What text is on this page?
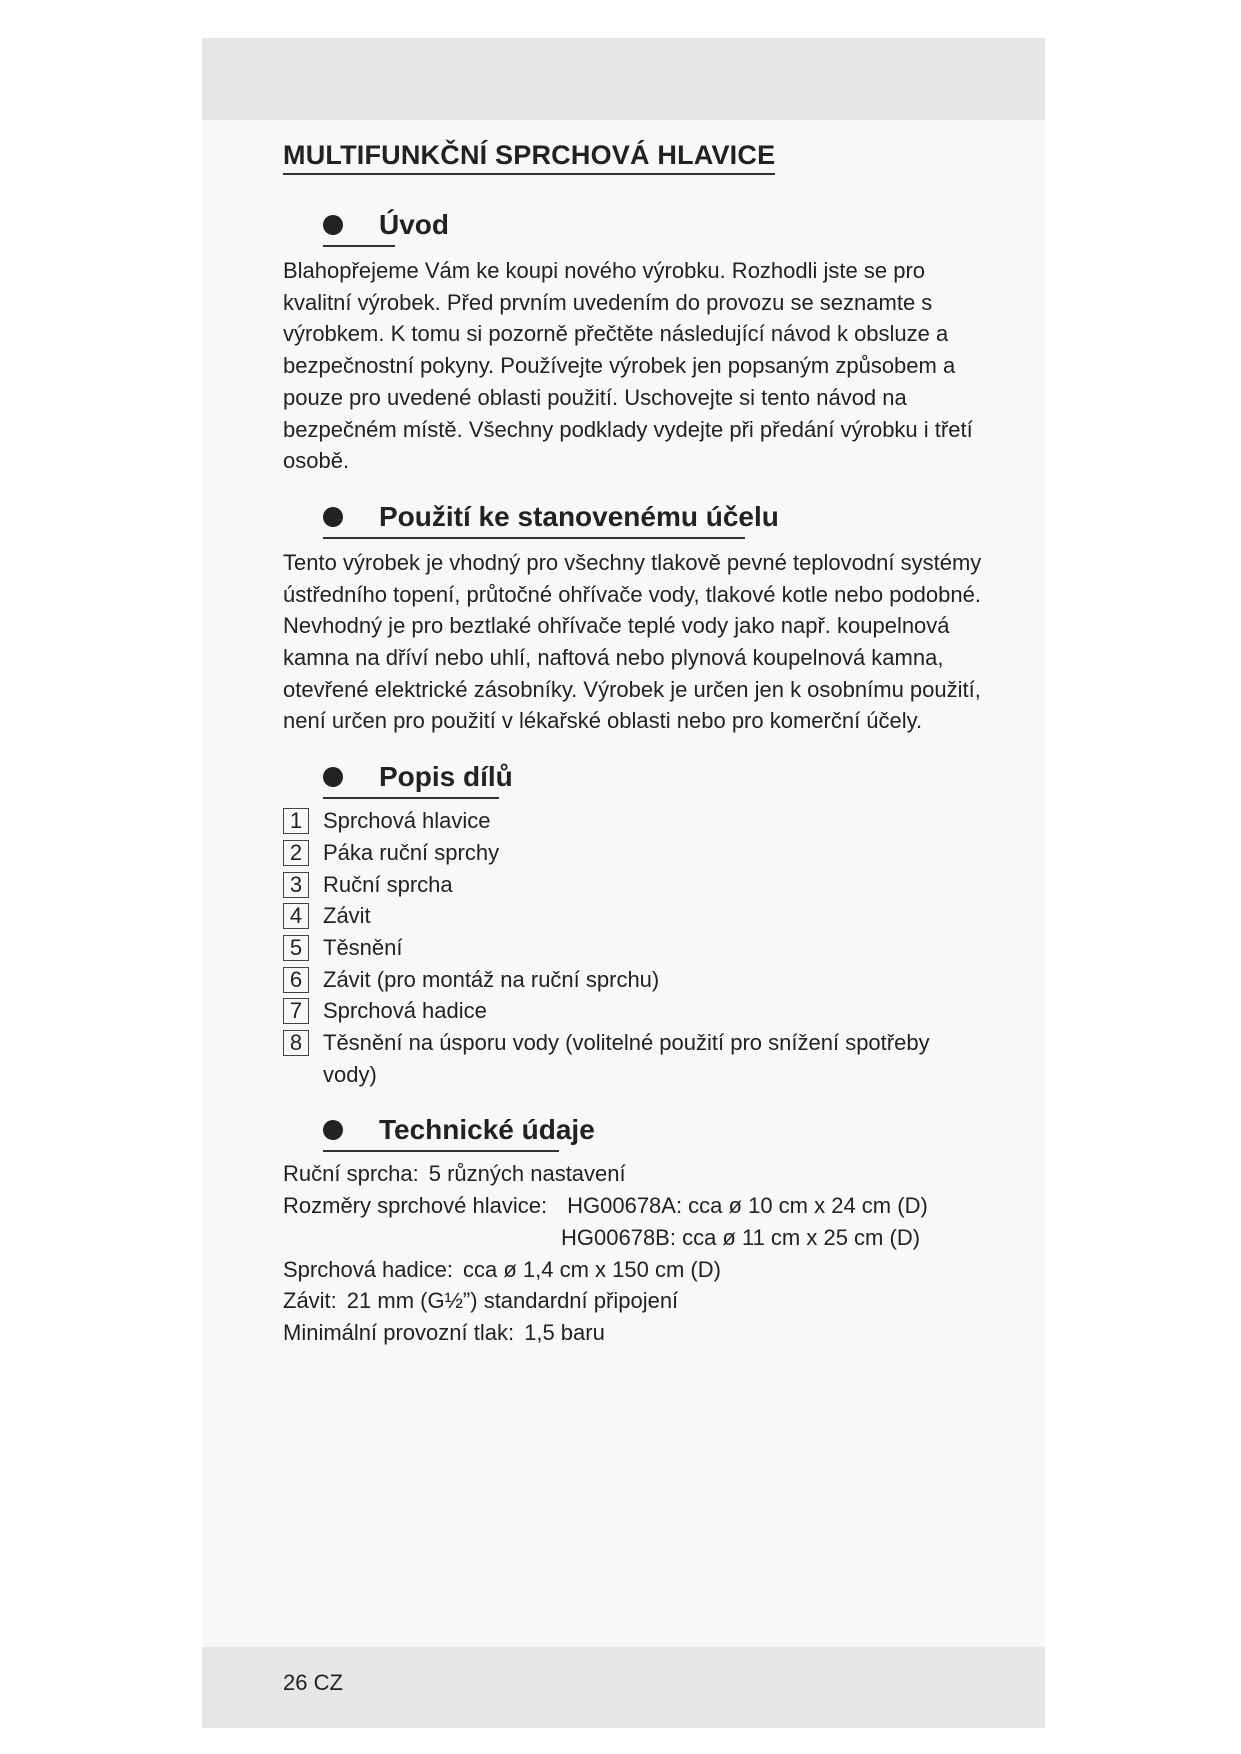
MULTIFUNKČNÍ SPRCHOVÁ HLAVICE
Úvod

Blahopřejeme Vám ke koupi nového výrobku. Rozhodli jste se pro kvalitní výrobek. Před prvním uvedením do provozu se seznamte s výrobkem. K tomu si pozorně přečtěte následující návod k obsluze a bezpečnostní pokyny. Používejte výrobek jen popsaným způsobem a pouze pro uvedené oblasti použití. Uschovejte si tento návod na bezpečném místě. Všechny podklady vydejte při předání výrobku i třetí osobě.

Použití ke stanovenému účelu

Tento výrobek je vhodný pro všechny tlakově pevné teplovodní systémy ústředního topení, průtočné ohřívače vody, tlakové kotle nebo podobné. Nevhodný je pro beztlaké ohřívače teplé vody jako např. koupelnová kamna na dříví nebo uhlí, naftová nebo plynová koupelnová kamna, otevřené elektrické zásobníky. Výrobek je určen jen k osobnímu použití, není určen pro použití v lékařské oblasti nebo pro komerční účely.

Popis dílů
1 Sprchová hlavice
2 Páka ruční sprchy
3 Ruční sprcha
4 Závit
5 Těsnění
6 Závit (pro montáž na ruční sprchu)
7 Sprchová hadice
8 Těsnění na úsporu vody (volitelné použití pro snížení spotřeby vody)
Technické údaje
Ruční sprcha: 5 různých nastavení
Rozměry sprchové hlavice: HG00678A: cca ø 10 cm x 24 cm (D)
HG00678B: cca ø 11 cm x 25 cm (D)
Sprchová hadice: cca ø 1,4 cm x 150 cm (D)
Závit: 21 mm (G½”) standardní připojení
Minimální provozní tlak: 1,5 baru
26 CZ
